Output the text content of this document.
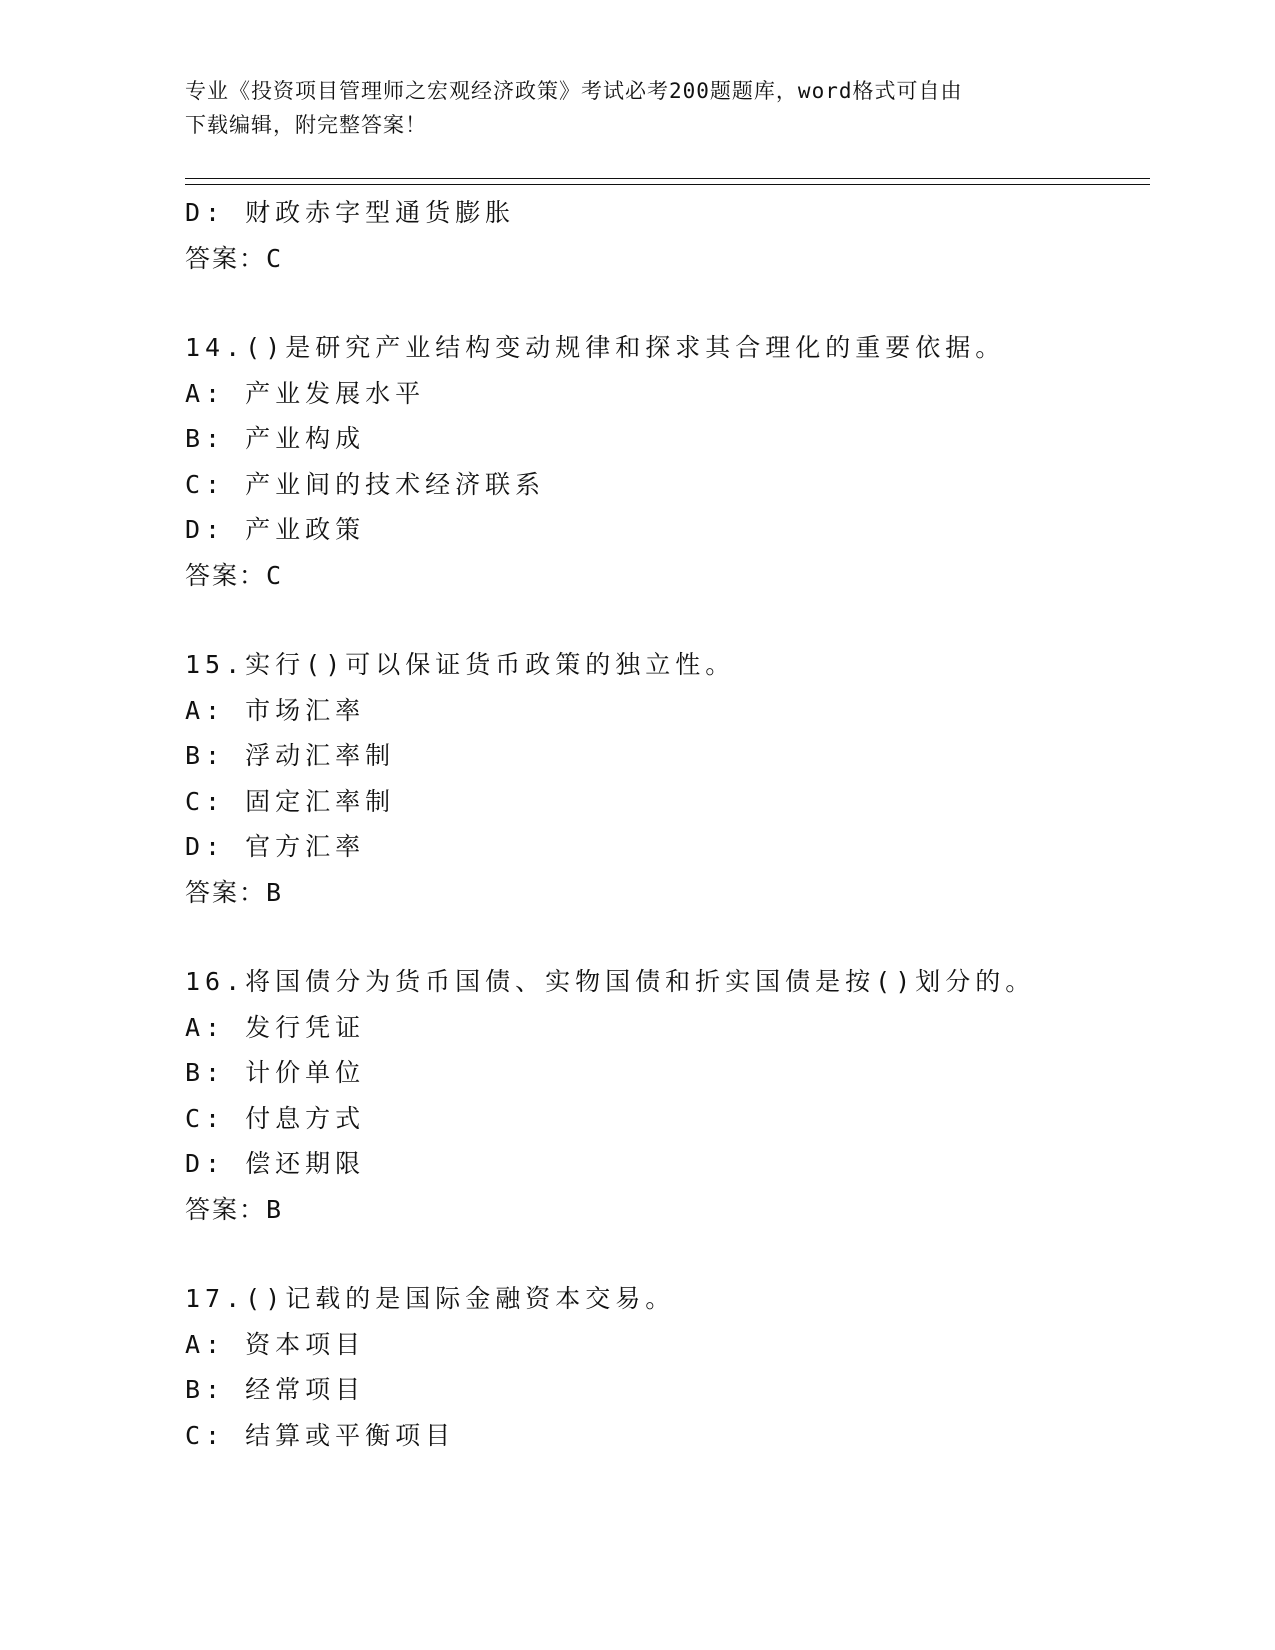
专业《投资项目管理师之宏观经济政策》考试必考200题题库，word格式可自由
下载编辑，附完整答案！
D: 财政赤字型通货膨胀
答案：C
14.()是研究产业结构变动规律和探求其合理化的重要依据。
A: 产业发展水平
B: 产业构成
C: 产业间的技术经济联系
D: 产业政策
答案：C
15.实行()可以保证货币政策的独立性。
A: 市场汇率
B: 浮动汇率制
C: 固定汇率制
D: 官方汇率
答案：B
16.将国债分为货币国债、实物国债和折实国债是按()划分的。
A: 发行凭证
B: 计价单位
C: 付息方式
D: 偿还期限
答案：B
17.()记载的是国际金融资本交易。
A: 资本项目
B: 经常项目
C: 结算或平衡项目
